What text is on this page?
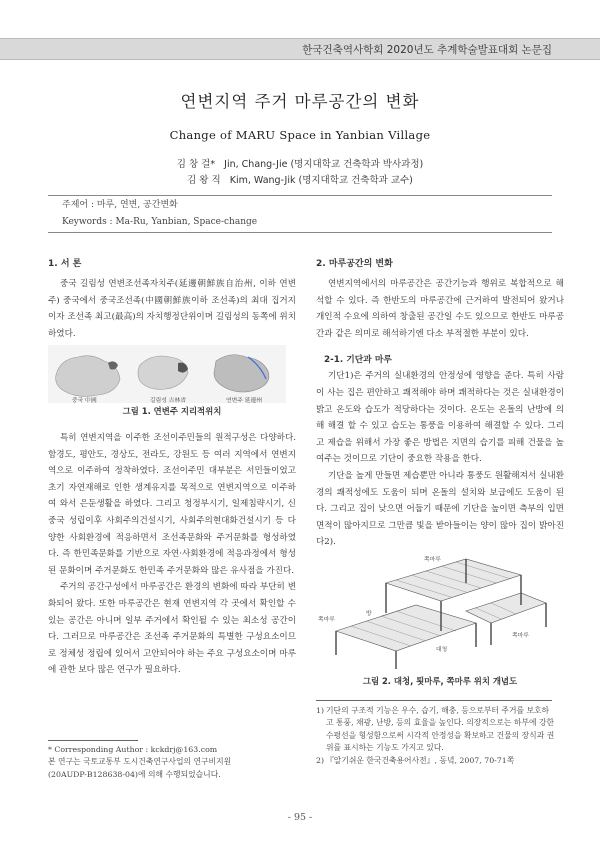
한국건축역사학회 2020년도 추계학술발표대회 논문집
연변지역 주거 마루공간의 변화
Change of MARU Space in Yanbian Village
김 창 걸* Jin, Chang-Jie (명지대학교 건축학과 박사과정)
김 왕 직 Kim, Wang-Jik (명지대학교 건축학과 교수)
주제어 : 마루, 연변, 공간변화
Keywords : Ma-Ru, Yanbian, Space-change
1. 서 론

중국 길림성 연변조선족자치주(延邊朝鮮族自治州, 이하 연변주) 중국에서 중국조선족(中國朝鮮族이하 조선족)의 최대 집거지이자 조선족 최고(最高)의 자치행정단위이며 길림성의 동쪽에 위치하였다.

중국 中國	길림성 吉林省	연변주 延邊州
그림 1. 연변주 지리적위치

특히 연변지역을 이주한 조선이주민들의 원적구성은 다양하다. 함경도, 평안도, 경상도, 전라도, 강원도 등 여러 지역에서 연변지역으로 이주하여 정착하였다. 조선이주민 대부분은 서민들이었고 초기 자연재해로 인한 생계유지를 목적으로 연변지역으로 이주하여 와서 은둔생활을 하였다. 그리고 청정부시기, 일제침략시기, 신중국 성립이후 사회주의건설시기, 사회주의현대화건설시기 등 다양한 사회환경에 적응하면서 조선족문화와 주거문화를 형성하였다. 즉 한민족문화를 기반으로 자연·사회환경에 적응과정에서 형성된 문화이며 주거문화도 한민족 주거문화와 많은 유사점을 가진다.

주거의 공간구성에서 마루공간은 환경의 변화에 따라 부단히 변화되어 왔다. 또한 마루공간은 현재 연변지역 각 곳에서 확인할 수 있는 공간은 아니며 일부 주거에서 확인될 수 있는 최소성 공간이다. 그러므로 마루공간은 조선족 주거문화의 특별한 구성요소이므로 정체성 정립에 있어서 고안되어야 하는 주요 구성요소이며 마루에 관한 보다 많은 연구가 필요하다.

2. 마루공간의 변화

연변지역에서의 마루공간은 공간기능과 행위로 복합적으로 해석할 수 있다. 즉 한반도의 마루공간에 근거하여 발전되어 왔거나 개인적 수요에 의하여 창출된 공간일 수도 있으므로 한반도 마루공간과 같은 의미로 해석하기엔 다소 부적절한 부분이 있다.

2-1. 기단과 마루

기단1)은 주거의 실내환경의 안정성에 영향을 준다. 특히 사람이 사는 집은 편안하고 쾌적해야 하며 쾌적하다는 것은 실내환경이 밝고 온도와 습도가 적당하다는 것이다. 온도는 온돌의 난방에 의해 해결 할 수 있고 습도는 통풍을 이용하여 해결할 수 있다. 그리고 제습을 위해서 가장 좋은 방법은 지면의 습기를 피해 건물을 높여주는 것이므로 기단이 중요한 작용을 한다.

기단을 높게 만들면 제습뿐만 아니라 통풍도 원활해져서 실내환경의 쾌적성에도 도움이 되며 온돌의 설치와 보급에도 도움이 된다. 그리고 집이 낮으면 어둡기 때문에 기단을 높이면 측부의 입면 면적이 많아지므로 그만큼 빛을 받아들이는 양이 많아 집이 밝아진다2).

쪽마루
쪽마루
방
대청
쪽마루
그림 2. 대청, 툇마루, 쪽마루 위치 개념도
* Corresponding Author : kckdrj@163.com
본 연구는 국토교통부 도시건축연구사업의 연구비지원
(20AUDP-B128638-04)에 의해 수행되었습니다.
1) 기단의 구조적 기능은 우수, 습기, 해충, 등으로부터 주거를 보호하고 통풍, 채광, 난방, 등의 효율을 높인다. 의장적으로는 하부에 강한 수평선을 형성함으로써 시각적 안정성을 확보하고 건물의 장식과 권위를 표시하는 기능도 가지고 있다.
2) 『알기쉬운 한국건축용어사전』, 동녘, 2007, 70-71쪽
- 95 -
